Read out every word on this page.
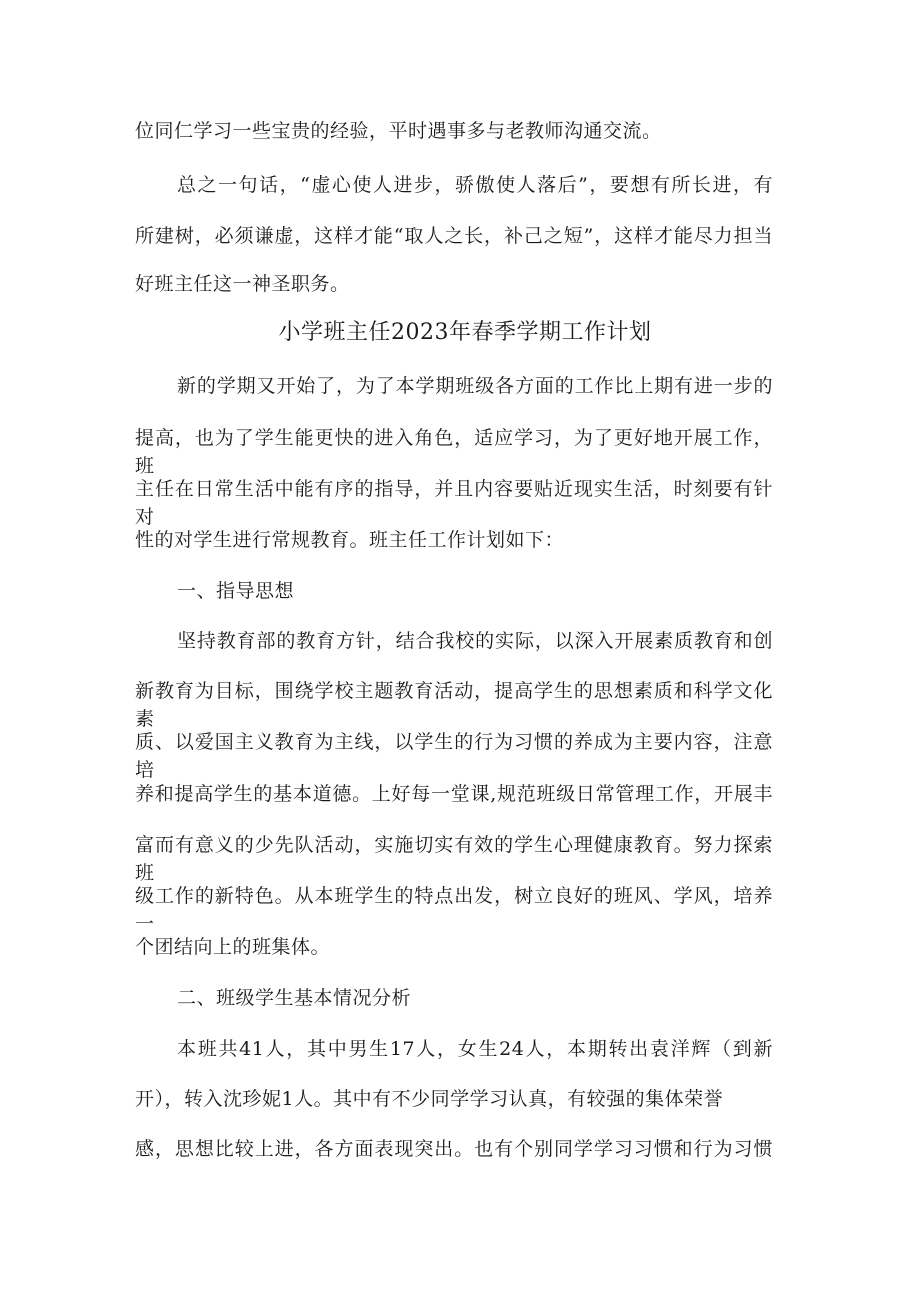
位同仁学习一些宝贵的经验，平时遇事多与老教师沟通交流。
总之一句话，“虚心使人进步，骄傲使人落后”，要想有所长进，有
所建树，必须谦虚，这样才能“取人之长，补己之短”，这样才能尽力担当
好班主任这一神圣职务。
小学班主任2023年春季学期工作计划
新的学期又开始了，为了本学期班级各方面的工作比上期有进一步的
提高，也为了学生能更快的进入角色，适应学习，为了更好地开展工作，班
主任在日常生活中能有序的指导，并且内容要贴近现实生活，时刻要有针对
性的对学生进行常规教育。班主任工作计划如下：
一、指导思想
坚持教育部的教育方针，结合我校的实际，以深入开展素质教育和创
新教育为目标，围绕学校主题教育活动，提高学生的思想素质和科学文化素
质、以爱国主义教育为主线，以学生的行为习惯的养成为主要内容，注意培
养和提高学生的基本道德。上好每一堂课,规范班级日常管理工作，开展丰
富而有意义的少先队活动，实施切实有效的学生心理健康教育。努力探索班
级工作的新特色。从本班学生的特点出发，树立良好的班风、学风，培养一
个团结向上的班集体。
二、班级学生基本情况分析
本班共41人，其中男生17人，女生24人，本期转出袁洋辉（到新
开），转入沈珍妮1人。其中有不少同学学习认真，有较强的集体荣誉
感，思想比较上进，各方面表现突出。也有个别同学学习习惯和行为习惯
